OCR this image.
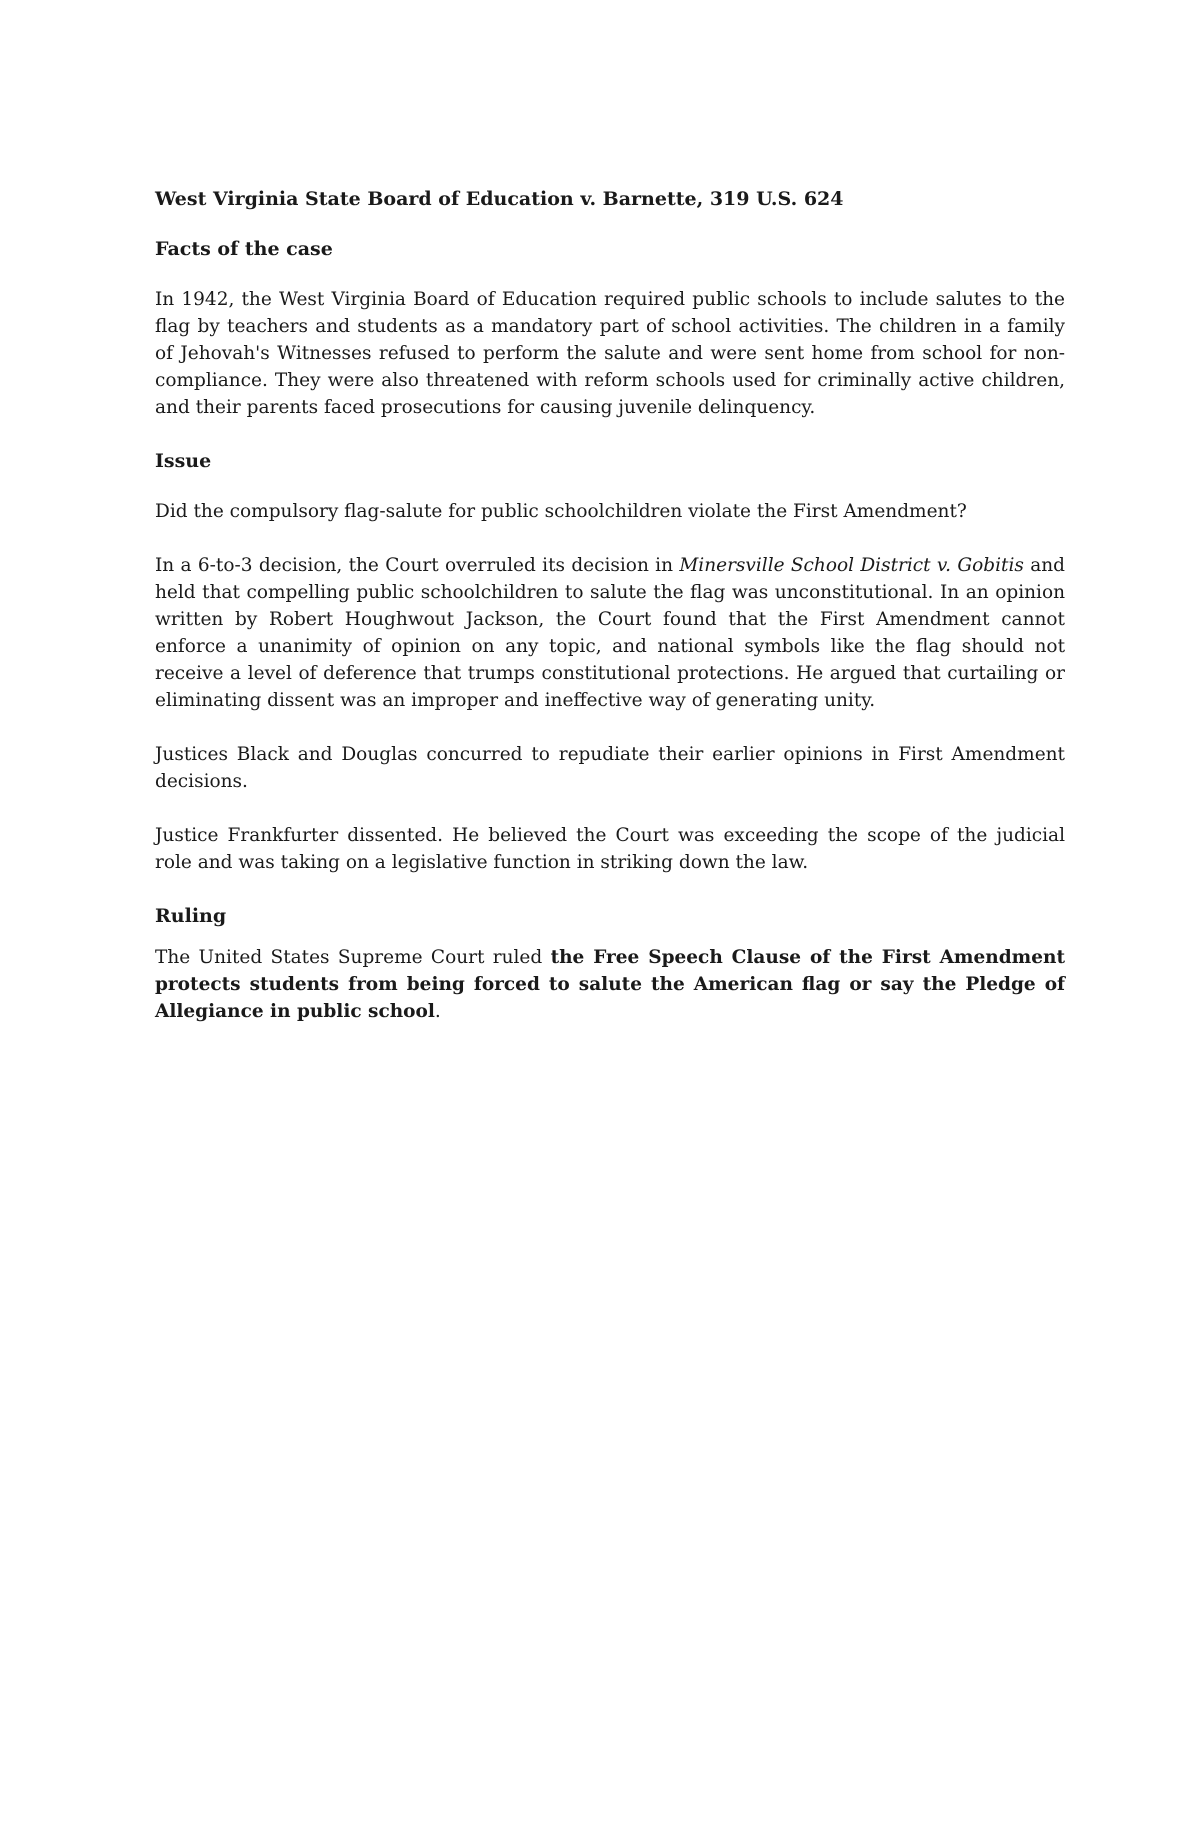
West Virginia State Board of Education v. Barnette, 319 U.S. 624
Facts of the case

In 1942, the West Virginia Board of Education required public schools to include salutes to the flag by teachers and students as a mandatory part of school activities. The children in a family of Jehovah's Witnesses refused to perform the salute and were sent home from school for non-compliance. They were also threatened with reform schools used for criminally active children, and their parents faced prosecutions for causing juvenile delinquency.

Issue

Did the compulsory flag-salute for public schoolchildren violate the First Amendment?

In a 6-to-3 decision, the Court overruled its decision in Minersville School District v. Gobitis and held that compelling public schoolchildren to salute the flag was unconstitutional. In an opinion written by Robert Houghwout Jackson, the Court found that the First Amendment cannot enforce a unanimity of opinion on any topic, and national symbols like the flag should not receive a level of deference that trumps constitutional protections. He argued that curtailing or eliminating dissent was an improper and ineffective way of generating unity.

Justices Black and Douglas concurred to repudiate their earlier opinions in First Amendment decisions.

Justice Frankfurter dissented. He believed the Court was exceeding the scope of the judicial role and was taking on a legislative function in striking down the law.

Ruling

The United States Supreme Court ruled the Free Speech Clause of the First Amendment protects students from being forced to salute the American flag or say the Pledge of Allegiance in public school.
